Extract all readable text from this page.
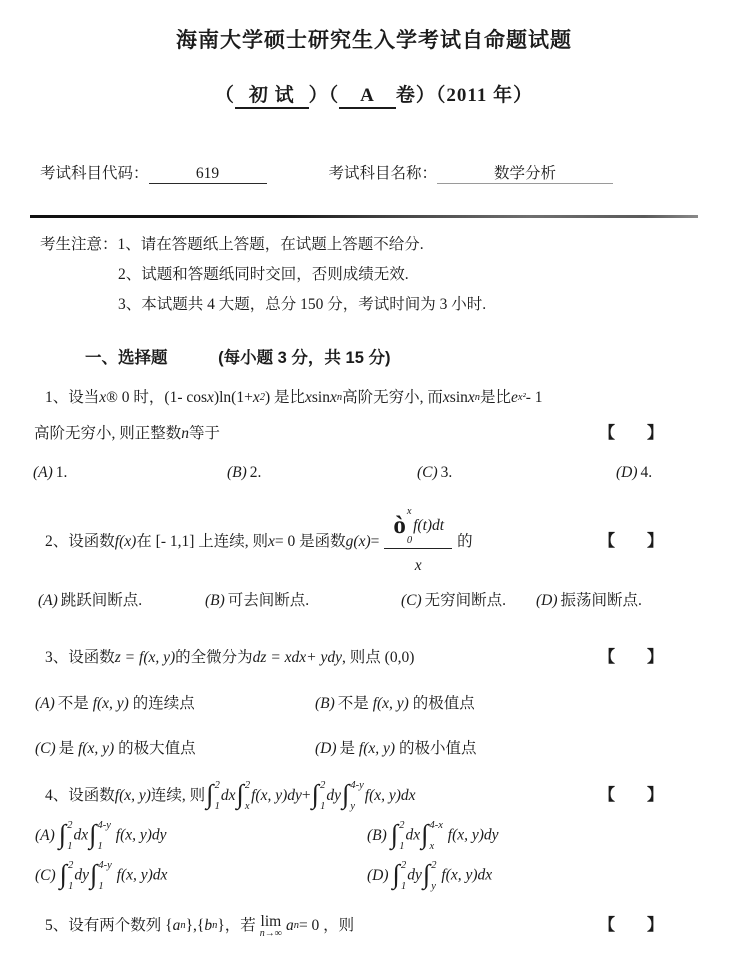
海南大学硕士研究生入学考试自命题试题
（ 初 试 ）（ A 卷）（2011 年）
考试科目代码：	619	考试科目名称：	数学分析
考生注意：1、请在答题纸上答题，在试题上答题不给分.
2、试题和答题纸同时交回，否则成绩无效.
3、本试题共 4 大题，总分 150 分，考试时间为 3 小时.
一、选择题	(每小题 3 分，共 15 分)
1、设当 x ® 0 时，(1- cos x )ln(1+ x 2 ) 是比 x sin x n 高阶无穷小, 而 x sin x n 是比 e x² - 1
高阶无穷小, 则正整数 n 等于	【　　】
(A) 1.	(B) 2.	(C) 3.	(D) 4.
2、设函数 f(x) 在 [- 1,1] 上连续, 则 x = 0 是函数 g(x) = ò
x
0
f(t)dt
x 的	【　　】
(A) 跳跃间断点.	(B) 可去间断点.	(C) 无穷间断点.	(D) 振荡间断点.
3、设函数 z = f(x, y) 的全微分为 dz = xdx+ ydy , 则点 (0,0)	【　　】
(A) 不是 f(x, y) 的连续点	(B) 不是 f(x, y) 的极值点
(C) 是 f(x, y) 的极大值点	(D) 是 f(x, y) 的极小值点
4、设函数 f(x, y) 连续, 则 ∫ 2
1
dx ∫ 2
x
f(x, y)dy + ∫ 2
1
dy ∫ 4-y
y
f(x, y)dx	【　　】
(A) ∫ 2
1
dx ∫ 4-y
1
f(x, y)dy	(B) ∫ 2
1
dx ∫ 4-x
x
f(x, y)dy
(C) ∫ 2
1
dy ∫ 4-y
1
f(x, y)dx	(D) ∫ 2
1
dy ∫ 2
y
f(x, y)dx
5、设有两个数列 { a n },{ b n }，若 lim
n→∞ a n = 0 ，则	【　　】
